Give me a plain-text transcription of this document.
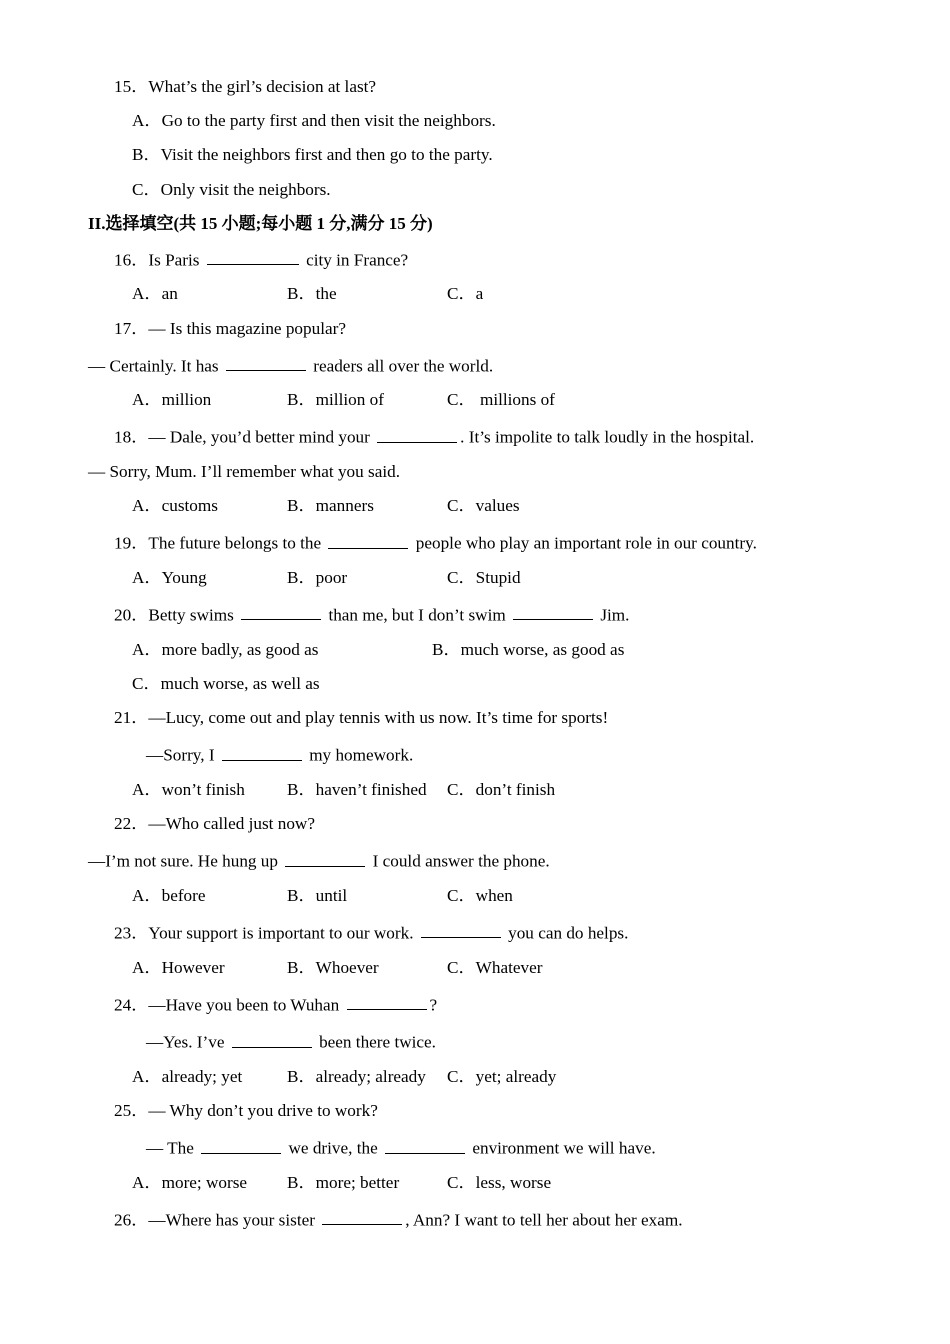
15．What’s the girl’s decision at last?
A．Go to the party first and then visit the neighbors.
B．Visit the neighbors first and then go to the party.
C．Only visit the neighbors.
II.选择填空(共 15 小题;每小题 1 分,满分 15 分)
16．Is Paris	city in France?
A．an	B．the	C．a
17．— Is this magazine popular?
— Certainly. It has	readers all over the world.
A．million	B．million of	C． millions of
18．— Dale, you’d better mind your	. It’s impolite to talk loudly in the hospital.
— Sorry, Mum. I’ll remember what you said.
A．customs	B．manners	C．values
19．The future belongs to the	people who play an important role in our country.
A．Young	B．poor	C．Stupid
20．Betty swims	than me, but I don’t swim	Jim.
A．more badly, as good as	B．much worse, as good as
C．much worse, as well as
21．—Lucy, come out and play tennis with us now. It’s time for sports!
—Sorry, I	my homework.
A．won’t finish B．haven’t finished C．don’t finish
22．—Who called just now?
—I’m not sure. He hung up	I could answer the phone.
A．before	B．until	C．when
23．Your support is important to our work.	you can do helps.
A．However	B．Whoever	C．Whatever
24．—Have you been to Wuhan	?
—Yes. I’ve	been there twice.
A．already; yet	B．already; already C．yet; already
25．— Why don’t you drive to work?
— The	we drive, the	environment we will have.
A．more; worse B．more; better	C．less, worse
26．—Where has your sister	, Ann? I want to tell her about her exam.
